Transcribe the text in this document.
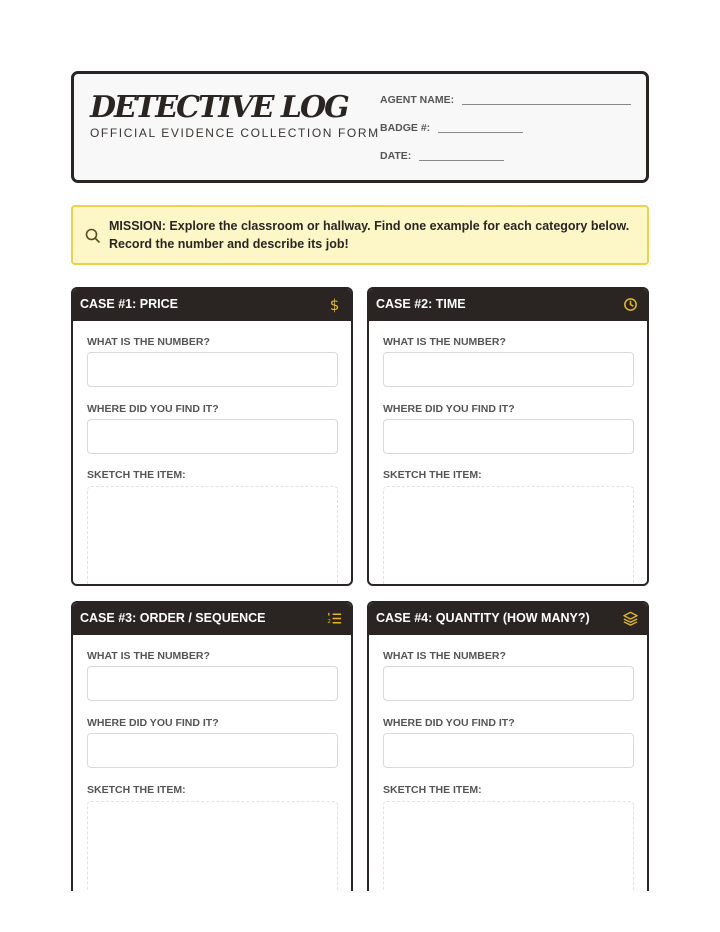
DETECTIVE LOG
OFFICIAL EVIDENCE COLLECTION FORM
AGENT NAME:
BADGE #:
DATE:
MISSION: Explore the classroom or hallway. Find one example for each category below. Record the number and describe its job!
CASE #1: PRICE	$
WHAT IS THE NUMBER?
WHERE DID YOU FIND IT?
SKETCH THE ITEM:
CASE #2: TIME
WHAT IS THE NUMBER?
WHERE DID YOU FIND IT?
SKETCH THE ITEM:
CASE #3: ORDER / SEQUENCE	2
WHAT IS THE NUMBER?
WHERE DID YOU FIND IT?
SKETCH THE ITEM:
CASE #4: QUANTITY (HOW MANY?)
WHAT IS THE NUMBER?
WHERE DID YOU FIND IT?
SKETCH THE ITEM:
